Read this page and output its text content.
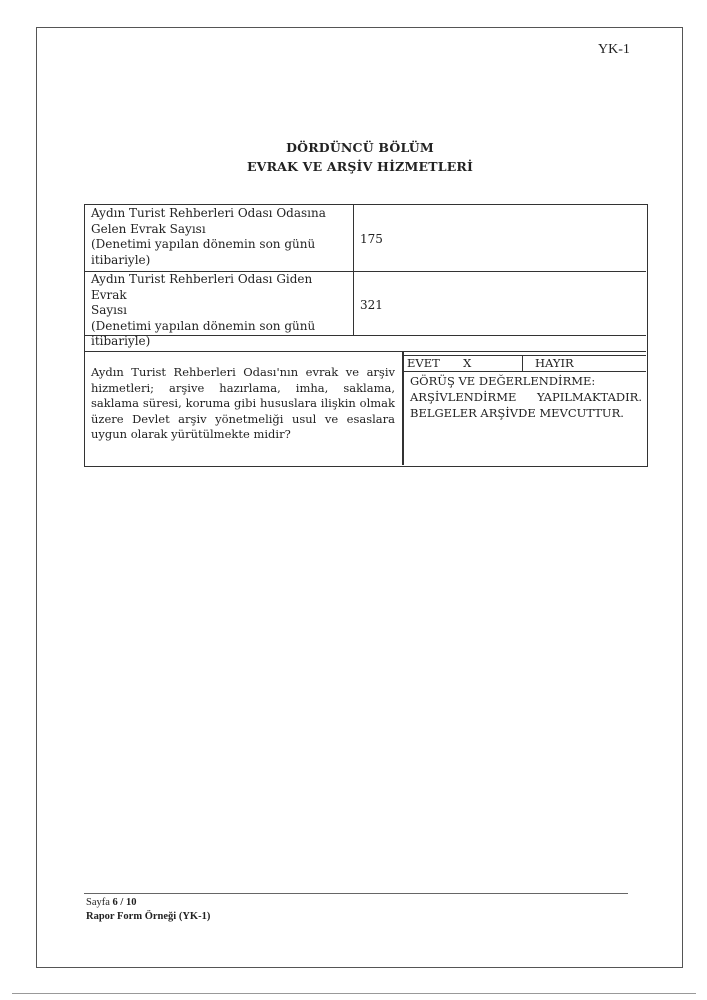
YK-1
DÖRDÜNCÜ BÖLÜM
EVRAK VE ARŞİV HİZMETLERİ
Aydın Turist Rehberleri Odası Odasına
Gelen Evrak Sayısı
(Denetimi yapılan dönemin son günü
itibariyle)
175
Aydın Turist Rehberleri Odası Giden Evrak
Sayısı
(Denetimi yapılan dönemin son günü
itibariyle)
321
Aydın Turist Rehberleri Odası'nın evrak ve arşiv hizmetleri; arşive hazırlama, imha, saklama, saklama süresi, koruma gibi hususlara ilişkin olmak üzere Devlet arşiv yönetmeliği usul ve esaslara uygun olarak yürütülmekte midir?
EVET X	HAYIR
GÖRÜŞ VE DEĞERLENDİRME:
ARŞİVLENDİRME YAPILMAKTADIR.
BELGELER ARŞİVDE MEVCUTTUR.
Sayfa 6 / 10
Rapor Form Örneği (YK-1)
